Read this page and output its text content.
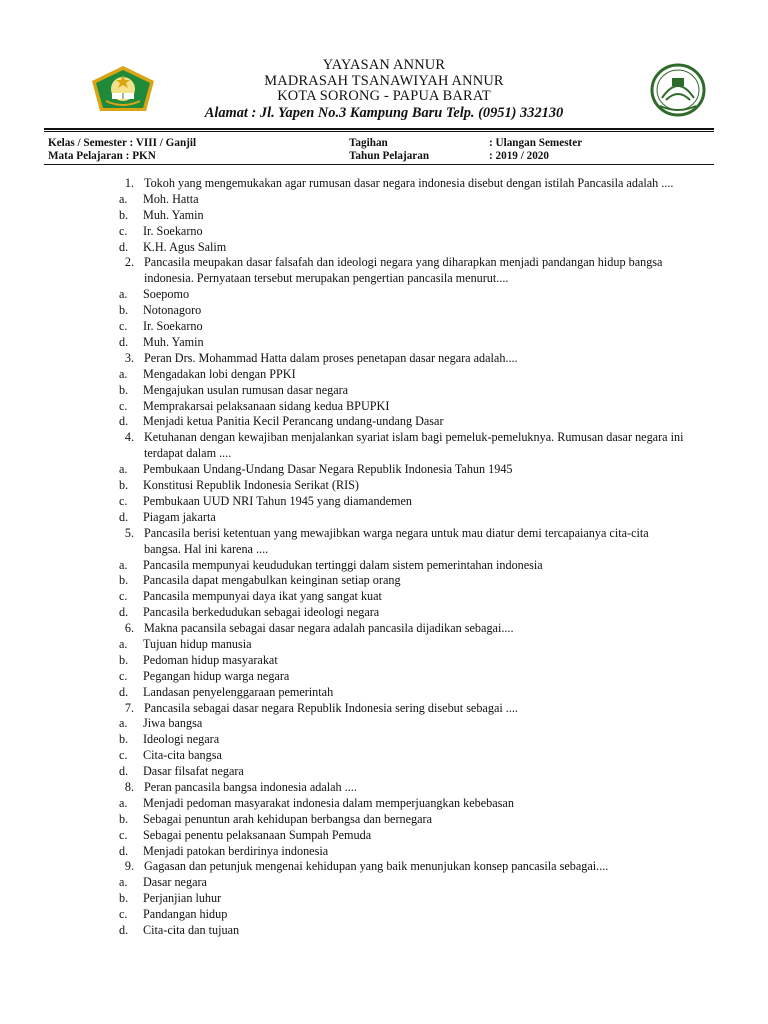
YAYASAN ANNUR
MADRASAH TSANAWIYAH ANNUR
KOTA SORONG - PAPUA BARAT
Alamat : Jl. Yapen No.3 Kampung Baru Telp. (0951) 332130
Kelas / Semester : VIII / Ganjil	Tagihan	: Ulangan Semester
Mata Pelajaran : PKN	Tahun Pelajaran	: 2019 / 2020
1. Tokoh yang mengemukakan agar rumusan dasar negara indonesia disebut dengan istilah Pancasila adalah ....
a. Moh. Hatta
b. Muh. Yamin
c. Ir. Soekarno
d. K.H. Agus Salim
2. Pancasila meupakan dasar falsafah dan ideologi negara yang diharapkan menjadi pandangan hidup bangsa indonesia. Pernyataan tersebut merupakan pengertian pancasila menurut....
a. Soepomo
b. Notonagoro
c. Ir. Soekarno
d. Muh. Yamin
3. Peran Drs. Mohammad Hatta dalam proses penetapan dasar negara adalah....
a. Mengadakan lobi dengan PPKI
b. Mengajukan usulan rumusan dasar negara
c. Memprakarsai pelaksanaan sidang kedua BPUPKI
d. Menjadi ketua Panitia Kecil Perancang undang-undang Dasar
4. Ketuhanan dengan kewajiban menjalankan syariat islam bagi pemeluk-pemeluknya. Rumusan dasar negara ini terdapat dalam ....
a. Pembukaan Undang-Undang Dasar Negara Republik Indonesia Tahun 1945
b. Konstitusi Republik Indonesia Serikat (RIS)
c. Pembukaan UUD NRI Tahun 1945 yang diamandemen
d. Piagam jakarta
5. Pancasila berisi ketentuan yang mewajibkan warga negara untuk mau diatur demi tercapaianya cita-cita bangsa. Hal ini karena ....
a. Pancasila mempunyai keududukan tertinggi dalam sistem pemerintahan indonesia
b. Pancasila dapat mengabulkan keinginan setiap orang
c. Pancasila mempunyai daya ikat yang sangat kuat
d. Pancasila berkedudukan sebagai ideologi negara
6. Makna pacansila sebagai dasar negara adalah pancasila dijadikan sebagai....
a. Tujuan hidup manusia
b. Pedoman hidup masyarakat
c. Pegangan hidup warga negara
d. Landasan penyelenggaraan pemerintah
7. Pancasila sebagai dasar negara Republik Indonesia sering disebut sebagai ....
a. Jiwa bangsa
b. Ideologi negara
c. Cita-cita bangsa
d. Dasar filsafat negara
8. Peran pancasila bangsa indonesia adalah ....
a. Menjadi pedoman masyarakat indonesia dalam memperjuangkan kebebasan
b. Sebagai penuntun arah kehidupan berbangsa dan bernegara
c. Sebagai penentu pelaksanaan Sumpah Pemuda
d. Menjadi patokan berdirinya indonesia
9. Gagasan dan petunjuk mengenai kehidupan yang baik menunjukan konsep pancasila sebagai....
a. Dasar negara
b. Perjanjian luhur
c. Pandangan hidup
d. Cita-cita dan tujuan
